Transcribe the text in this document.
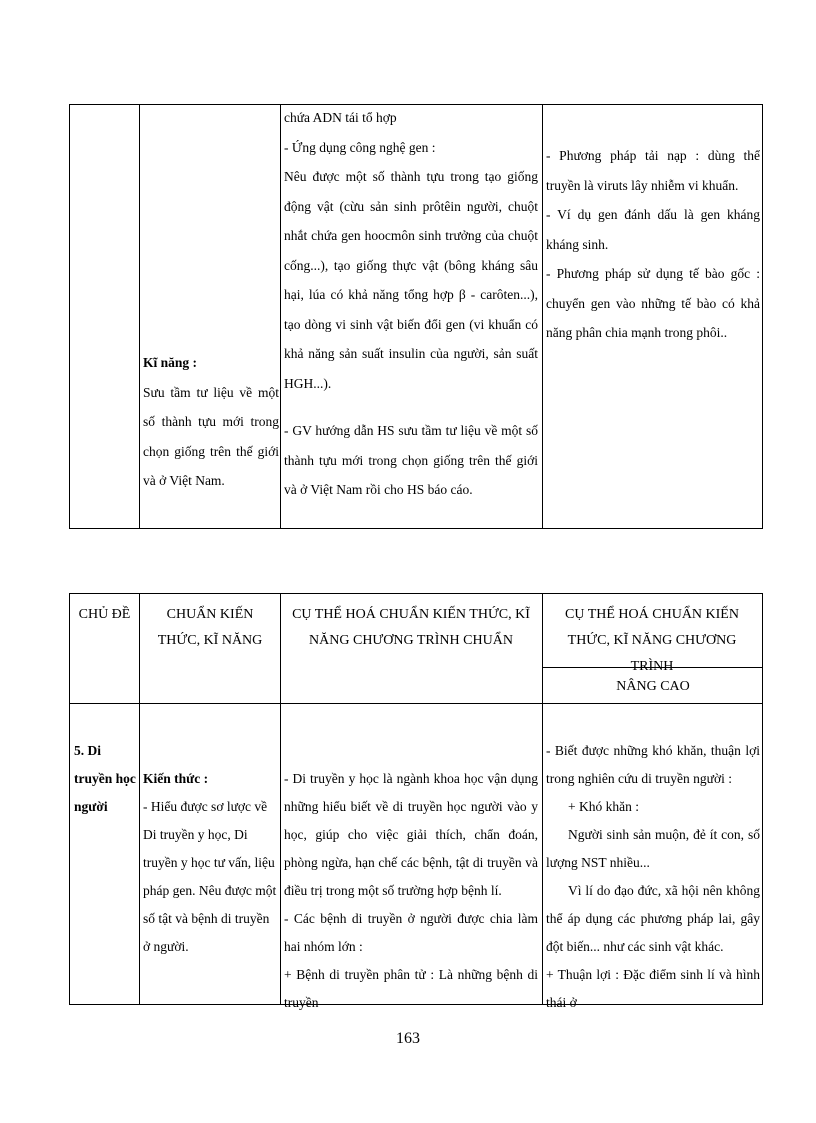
Kĩ năng :

Sưu tầm tư liệu về một số thành tựu mới trong chọn giống trên thế giới và ở Việt Nam.

chứa ADN tái tổ hợp

- Ứng dụng công nghệ gen :

Nêu được một số thành tựu trong tạo giống động vật (cừu sản sinh prôtêin người, chuột nhắt chứa gen hoocmôn sinh trưởng của chuột cống...), tạo giống thực vật (bông kháng sâu hại, lúa có khả năng tổng hợp β - carôten...), tạo dòng vi sinh vật biến đổi gen (vi khuẩn có khả năng sản suất insulin của người, sản suất HGH...).

- GV hướng dẫn HS sưu tầm tư liệu về một số thành tựu mới trong chọn giống trên thế giới và ở Việt Nam rồi cho HS báo cáo.

- Phương pháp tải nạp : dùng thể truyền là viruts lây nhiễm vi khuẩn.

- Ví dụ gen đánh dấu là gen kháng kháng sinh.

- Phương pháp sử dụng tế bào gốc : chuyển gen vào những tế bào có khả năng phân chia mạnh trong phôi..

CHỦ ĐỀ	CHUẨN KIẾN THỨC, KĨ NĂNG
CỤ THỂ HOÁ CHUẨN KIẾN THỨC, KĨ NĂNG CHƯƠNG TRÌNH CHUẨN
CỤ THỂ HOÁ CHUẨN KIẾN THỨC, KĨ NĂNG CHƯƠNG TRÌNH
NÂNG CAO
5. Di truyền học người

Kiến thức :

- Hiểu được sơ lược về Di truyền y học, Di truyền y học tư vấn, liệu pháp gen. Nêu được một số tật và bệnh di truyền ở người.

- Di truyền y học là ngành khoa học vận dụng những hiểu biết về di truyền học người vào y học, giúp cho việc giải thích, chẩn đoán, phòng ngừa, hạn chế các bệnh, tật di truyền và điều trị trong một số trường hợp bệnh lí.

- Các bệnh di truyền ở người được chia làm hai nhóm lớn :

+ Bệnh di truyền phân tử : Là những bệnh di truyền

- Biết được những khó khăn, thuận lợi trong nghiên cứu di truyền người :

+ Khó khăn :

Người sinh sản muộn, đẻ ít con, số lượng NST nhiều...

Vì lí do đạo đức, xã hội nên không thể áp dụng các phương pháp lai, gây đột biến... như các sinh vật khác.

+ Thuận lợi : Đặc điểm sinh lí và hình thái ở

163
